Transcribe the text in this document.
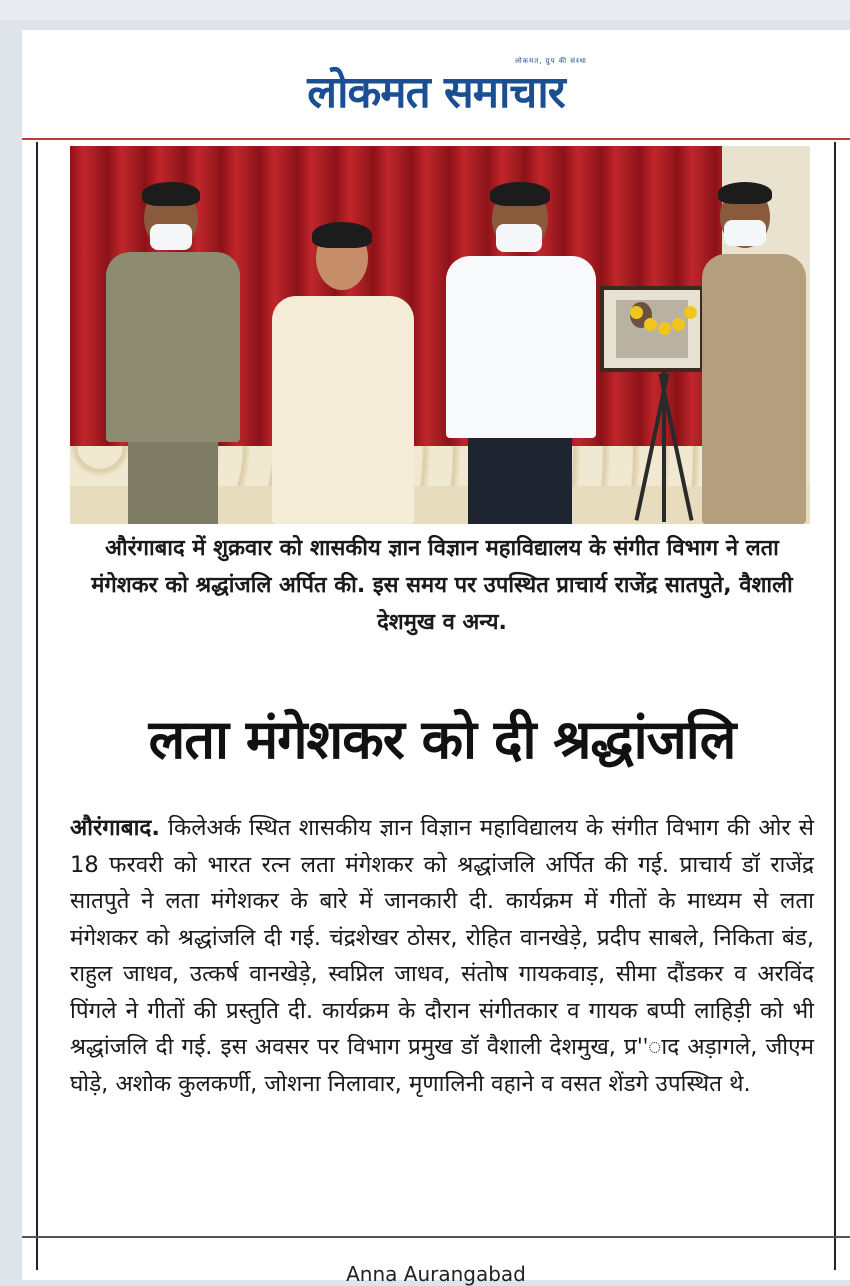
लोकमत, ग्रुप की संस्था
लोकमत समाचार
औरंगाबाद में शुक्रवार को शासकीय ज्ञान विज्ञान महाविद्यालय के संगीत विभाग ने लता मंगेशकर को श्रद्धांजलि अर्पित की. इस समय पर उपस्थित प्राचार्य राजेंद्र सातपुते, वैशाली देशमुख व अन्य.
लता मंगेशकर को दी श्रद्धांजलि
औरंगाबाद. किलेअर्क स्थित शासकीय ज्ञान विज्ञान महाविद्यालय के संगीत विभाग की ओर से 18 फरवरी को भारत रत्न लता मंगेशकर को श्रद्धांजलि अर्पित की गई. प्राचार्य डॉ राजेंद्र सातपुते ने लता मंगेशकर के बारे में जानकारी दी. कार्यक्रम में गीतों के माध्यम से लता मंगेशकर को श्रद्धांजलि दी गई. चंद्रशेखर ठोसर, रोहित वानखेड़े, प्रदीप साबले, निकिता बंड, राहुल जाधव, उत्कर्ष वानखेड़े, स्वप्निल जाधव, संतोष गायकवाड़, सीमा दौंडकर व अरविंद पिंगले ने गीतों की प्रस्तुति दी. कार्यक्रम के दौरान संगीतकार व गायक बप्पी लाहिड़ी को भी श्रद्धांजलि दी गई. इस अवसर पर विभाग प्रमुख डॉ वैशाली देशमुख, प्र''ाद अड़ागले, जीएम घोड़े, अशोक कुलकर्णी, जोशना निलावार, मृणालिनी वहाने व वसत शेंडगे उपस्थित थे.
Anna Aurangabad
